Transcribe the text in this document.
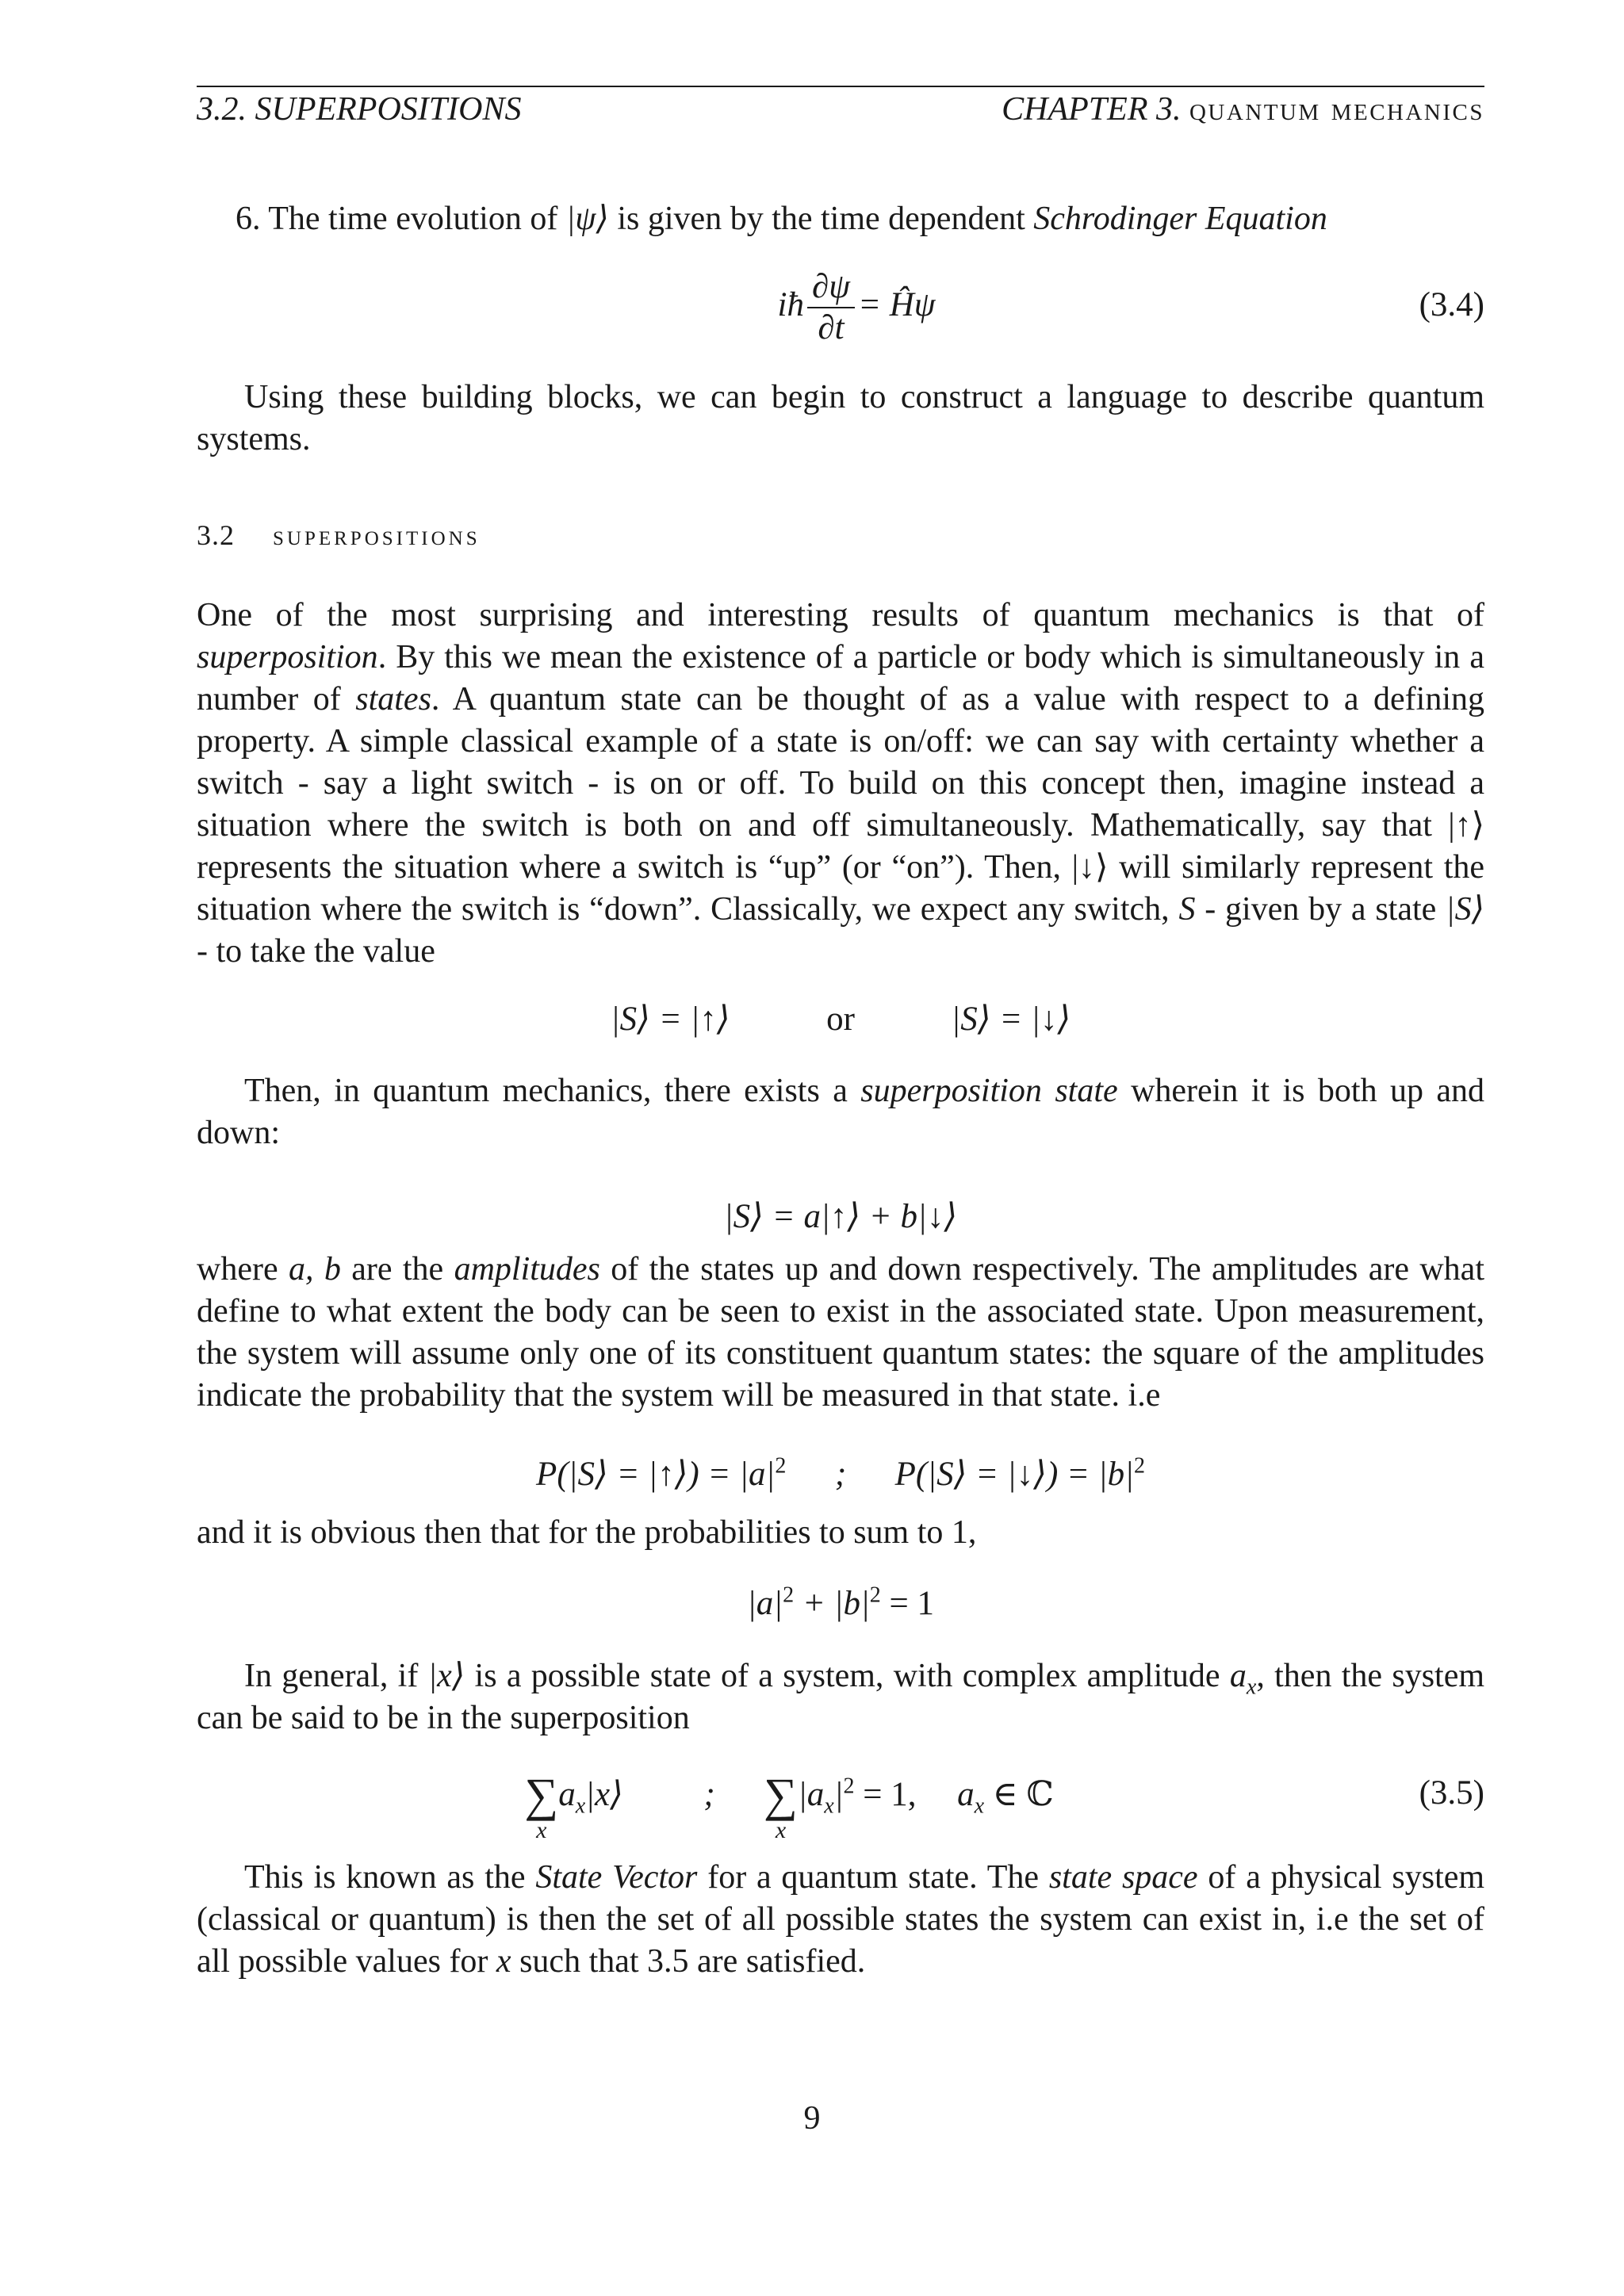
3.2. SUPERPOSITIONS	CHAPTER 3. quantum mechanics
6. The time evolution of |ψ⟩ is given by the time dependent Schrodinger Equation
iħ $\frac{\partial\psi}{\partial t}$ = Ĥψ	(3.4)
Using these building blocks, we can begin to construct a language to describe quantum systems.
3.2 superpositions
One of the most surprising and interesting results of quantum mechanics is that of superposition. By this we mean the existence of a particle or body which is simultaneously in a number of states. A quantum state can be thought of as a value with respect to a defining property. A simple classical example of a state is on/off: we can say with certainty whether a switch - say a light switch - is on or off. To build on this concept then, imagine instead a situation where the switch is both on and off simultaneously. Mathematically, say that |↑⟩ represents the situation where a switch is “up” (or “on”). Then, |↓⟩ will similarly represent the situation where the switch is “down”. Classically, we expect any switch, S - given by a state |S⟩ - to take the value
|S⟩ = |↑⟩	or	|S⟩ = |↓⟩
Then, in quantum mechanics, there exists a superposition state wherein it is both up and down:
|S⟩ = a|↑⟩ + b|↓⟩
where a, b are the amplitudes of the states up and down respectively. The amplitudes are what define to what extent the body can be seen to exist in the associated state. Upon measurement, the system will assume only one of its constituent quantum states: the square of the amplitudes indicate the probability that the system will be measured in that state. i.e
P(|S⟩ = |↑⟩) = $|a|^2$ ; P(|S⟩ = |↓⟩) = $|b|^2$
and it is obvious then that for the probabilities to sum to 1,
$|a|^2 + |b|^2 = 1$
In general, if |x⟩ is a possible state of a system, with complex amplitude $a_x$, then the system can be said to be in the superposition
∑
x
$a_x|x⟩$ ; ∑
x
$|a_x|^2 = 1$, $a_x$ ∈ ℂ	(3.5)
This is known as the State Vector for a quantum state. The state space of a physical system (classical or quantum) is then the set of all possible states the system can exist in, i.e the set of all possible values for x such that 3.5 are satisfied.
9
